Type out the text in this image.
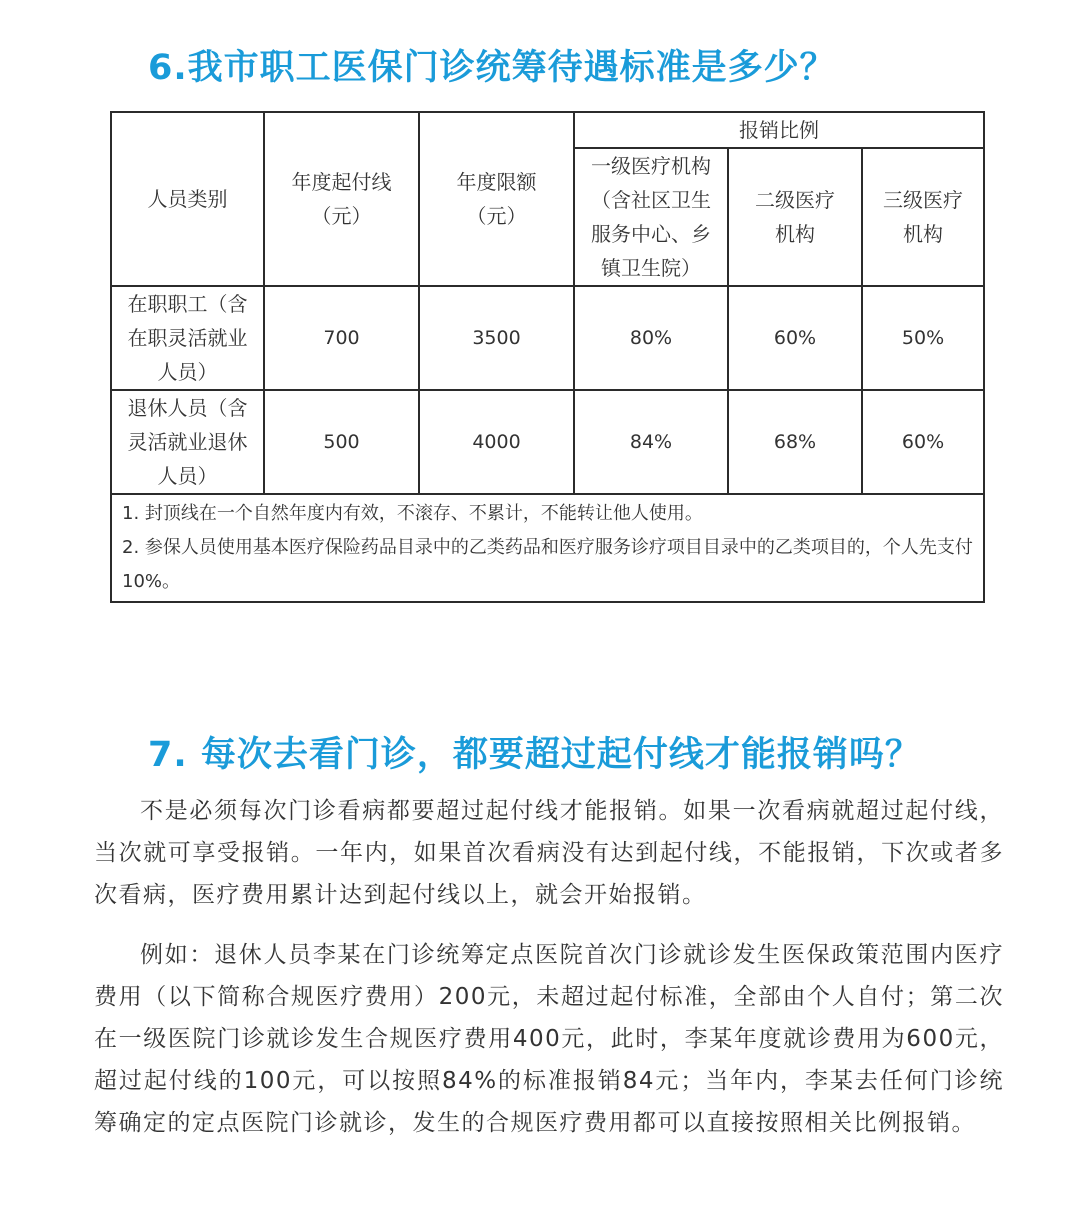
6.我市职工医保门诊统筹待遇标准是多少？
人员类别	年度起付线（元）	年度限额（元）	报销比例		
			一级医疗机构（含社区卫生服务中心、乡镇卫生院）	二级医疗机构	三级医疗机构
在职职工（含在职灵活就业人员）	700	3500	80%	60%	50%
退休人员（含灵活就业退休人员）	500	4000	84%	68%	60%

1. 封顶线在一个自然年度内有效，不滚存、不累计，不能转让他人使用。
2. 参保人员使用基本医疗保险药品目录中的乙类药品和医疗服务诊疗项目目录中的乙类项目的，个人先支付 10%。					
7. 每次去看门诊，都要超过起付线才能报销吗？

不是必须每次门诊看病都要超过起付线才能报销。如果一次看病就超过起付线，当次就可享受报销。一年内，如果首次看病没有达到起付线，不能报销，下次或者多次看病，医疗费用累计达到起付线以上，就会开始报销。

例如：退休人员李某在门诊统筹定点医院首次门诊就诊发生医保政策范围内医疗费用（以下简称合规医疗费用）200元，未超过起付标准，全部由个人自付；第二次在一级医院门诊就诊发生合规医疗费用400元，此时，李某年度就诊费用为600元，超过起付线的100元，可以按照84%的标准报销84元；当年内，李某去任何门诊统筹确定的定点医院门诊就诊，发生的合规医疗费用都可以直接按照相关比例报销。
